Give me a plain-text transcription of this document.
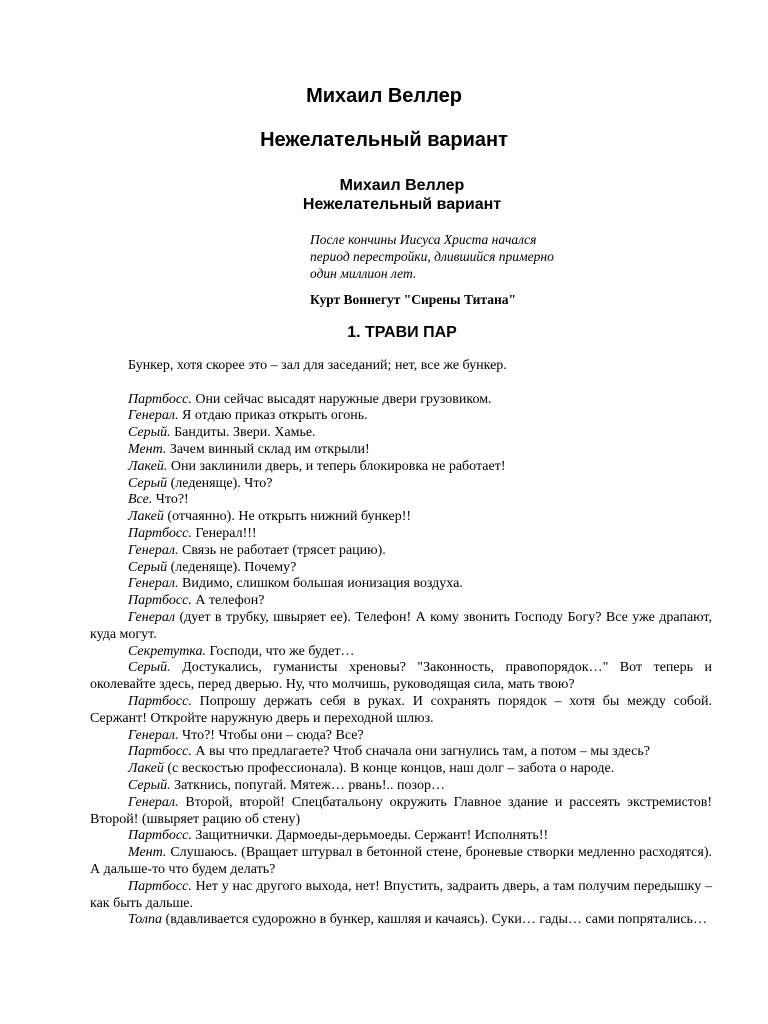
Михаил Веллер
Нежелательный вариант
Михаил Веллер
Нежелательный вариант
После кончины Иисуса Христа начался
период перестройки, длившийся примерно
один миллион лет.
Курт Воннегут "Сирены Титана"
1. ТРАВИ ПАР

Бункер, хотя скорее это – зал для заседаний; нет, все же бункер.

Партбосс. Они сейчас высадят наружные двери грузовиком.

Генерал. Я отдаю приказ открыть огонь.

Серый. Бандиты. Звери. Хамье.

Мент. Зачем винный склад им открыли!

Лакей. Они заклинили дверь, и теперь блокировка не работает!

Серый (леденяще). Что?

Все. Что?!

Лакей (отчаянно). Не открыть нижний бункер!!

Партбосс. Генерал!!!

Генерал. Связь не работает (трясет рацию).

Серый (леденяще). Почему?

Генерал. Видимо, слишком большая ионизация воздуха.

Партбосс. А телефон?

Генерал (дует в трубку, швыряет ее). Телефон! А кому звонить Господу Богу? Все уже драпают, куда могут.

Секретутка. Господи, что же будет…

Серый. Достукались, гуманисты хреновы? "Законность, правопорядок…" Вот теперь и околевайте здесь, перед дверью. Ну, что молчишь, руководящая сила, мать твою?

Партбосс. Попрошу держать себя в руках. И сохранять порядок – хотя бы между собой. Сержант! Откройте наружную дверь и переходной шлюз.

Генерал. Что?! Чтобы они – сюда? Все?

Партбосс. А вы что предлагаете? Чтоб сначала они загнулись там, а потом – мы здесь?

Лакей (с вескостью профессионала). В конце концов, наш долг – забота о народе.

Серый. Заткнись, попугай. Мятеж… рвань!.. позор…

Генерал. Второй, второй! Спецбатальону окружить Главное здание и рассеять экстремистов! Второй! (швыряет рацию об стену)

Партбосс. Защитнички. Дармоеды-дерьмоеды. Сержант! Исполнять!!

Мент. Слушаюсь. (Вращает штурвал в бетонной стене, броневые створки медленно расходятся). А дальше-то что будем делать?

Партбосс. Нет у нас другого выхода, нет! Впустить, задраить дверь, а там получим передышку – как быть дальше.

Толпа (вдавливается судорожно в бункер, кашляя и качаясь). Суки… гады… сами попрятались…
